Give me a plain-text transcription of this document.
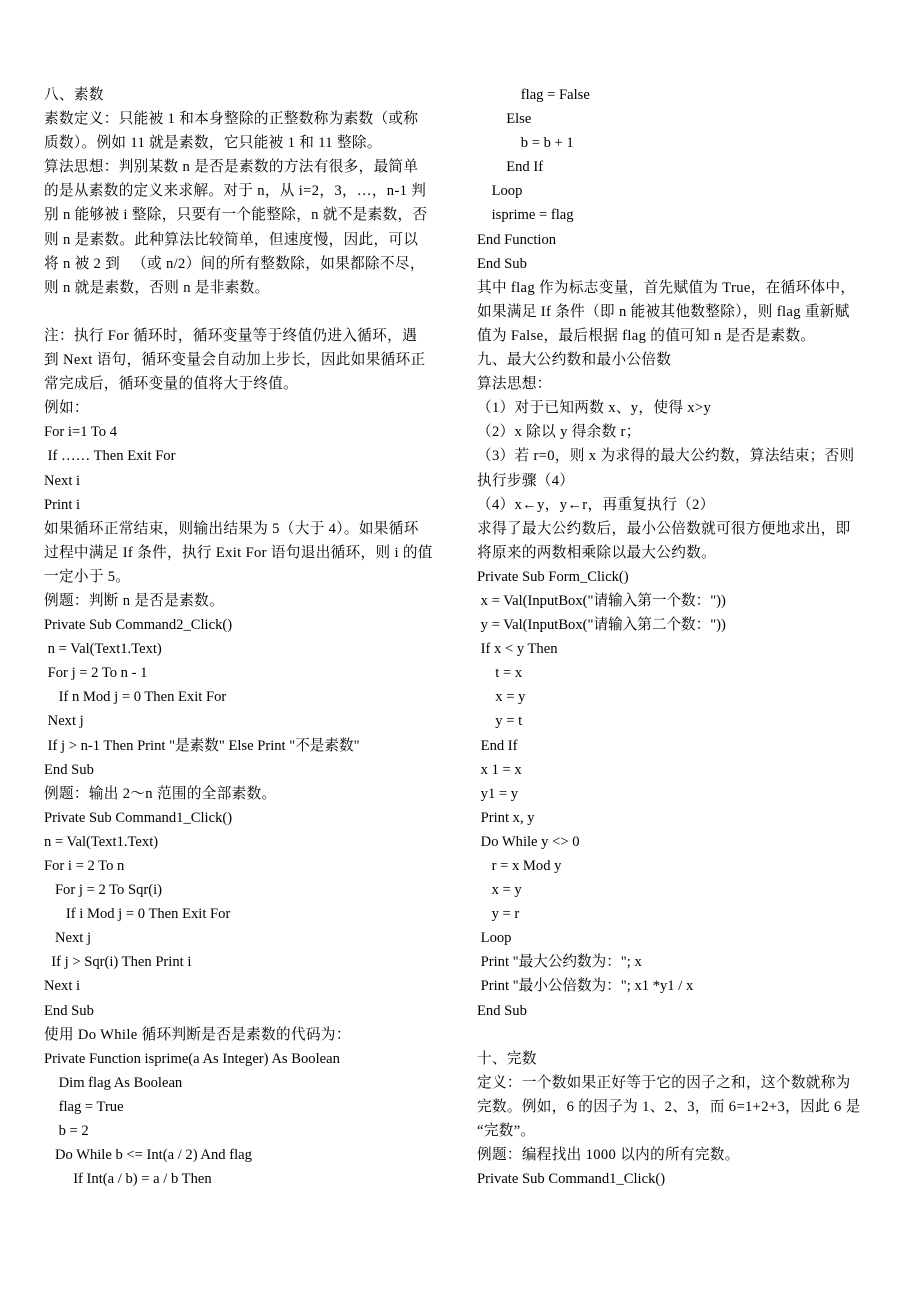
八、素数
素数定义：只能被 1 和本身整除的正整数称为素数（或称
质数）。例如 11 就是素数，它只能被 1 和 11 整除。
算法思想：判别某数 n 是否是素数的方法有很多，最简单
的是从素数的定义来求解。对于 n，从 i=2，3，…，n-1 判
别 n 能够被 i 整除，只要有一个能整除，n 就不是素数，否
则 n 是素数。此种算法比较简单，但速度慢，因此，可以
将 n 被 2 到   （或 n/2）间的所有整数除，如果都除不尽，
则 n 就是素数，否则 n 是非素数。
注：执行 For 循环时，循环变量等于终值仍进入循环，遇
到 Next 语句，循环变量会自动加上步长，因此如果循环正
常完成后，循环变量的值将大于终值。
例如：
For i=1 To 4
If …… Then Exit For
Next i
Print i
如果循环正常结束，则输出结果为 5（大于 4）。如果循环
过程中满足 If 条件，执行 Exit For 语句退出循环，则 i 的值
一定小于 5。
例题：判断 n 是否是素数。
Private Sub Command2_Click()
n = Val(Text1.Text)
For j = 2 To n - 1
If n Mod j = 0 Then Exit For
Next j
If j > n-1 Then Print "是素数" Else Print "不是素数"
End Sub
例题：输出 2～n 范围的全部素数。
Private Sub Command1_Click()
n = Val(Text1.Text)
For i = 2 To n
For j = 2 To Sqr(i)
If i Mod j = 0 Then Exit For
Next j
If j > Sqr(i) Then Print i
Next i
End Sub
使用 Do While 循环判断是否是素数的代码为：
Private Function isprime(a As Integer) As Boolean
Dim flag As Boolean
flag = True
b = 2
Do While b <= Int(a / 2) And flag
If Int(a / b) = a / b Then
flag = False
Else
b = b + 1
End If
Loop
isprime = flag
End Function
End Sub
其中 flag 作为标志变量，首先赋值为 True，在循环体中，
如果满足 If 条件（即 n 能被其他数整除），则 flag 重新赋
值为 False，最后根据 flag 的值可知 n 是否是素数。
九、最大公约数和最小公倍数
算法思想：
（1）对于已知两数 x、y，使得 x>y
（2）x 除以 y 得余数 r；
（3）若 r=0，则 x 为求得的最大公约数，算法结束；否则
执行步骤（4）
（4）x←y，y←r，再重复执行（2）
求得了最大公约数后，最小公倍数就可很方便地求出，即
将原来的两数相乘除以最大公约数。
Private Sub Form_Click()
x = Val(InputBox("请输入第一个数："))
y = Val(InputBox("请输入第二个数："))
If x < y Then
t = x
x = y
y = t
End If
x 1 = x
y1 = y
Print x, y
Do While y <> 0
r = x Mod y
x = y
y = r
Loop
Print "最大公约数为："; x
Print "最小公倍数为："; x1 *y1 / x
End Sub
十、完数
定义：一个数如果正好等于它的因子之和，这个数就称为
完数。例如，6 的因子为 1、2、3，而 6=1+2+3，因此 6 是
“完数”。
例题：编程找出 1000 以内的所有完数。
Private Sub Command1_Click()
